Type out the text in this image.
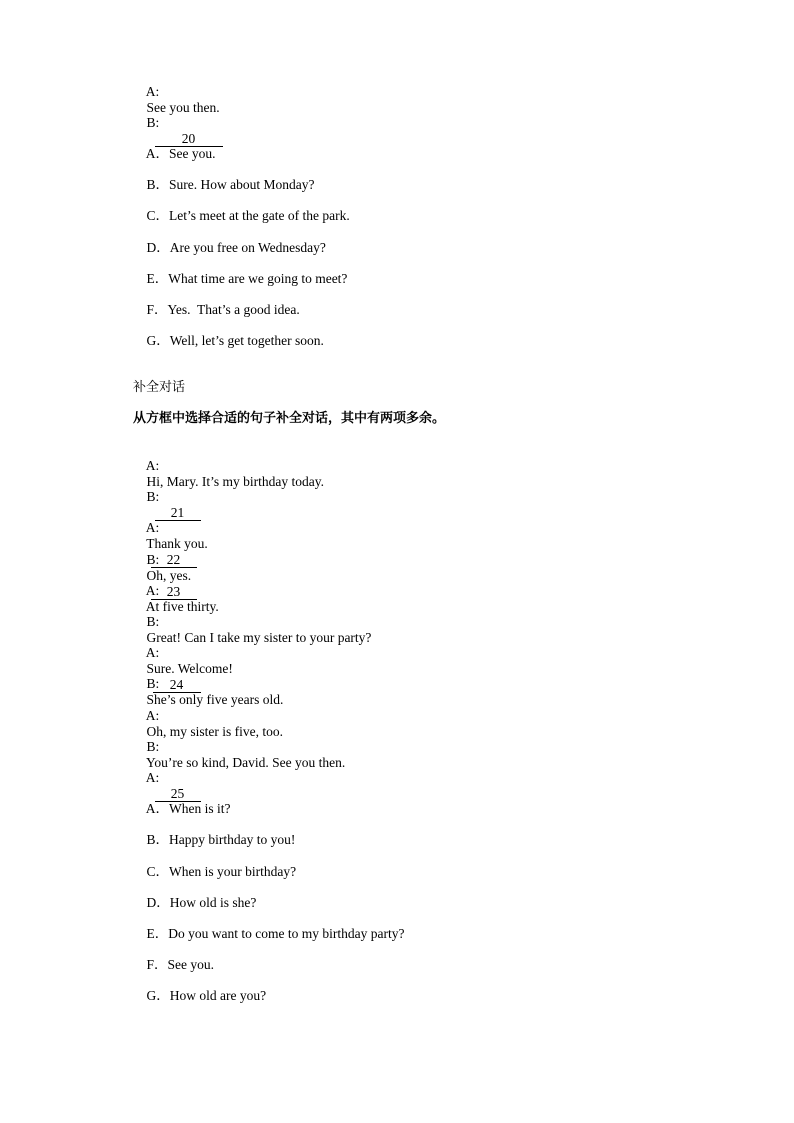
A:
See you then.

B:
20

A．See you.

B．Sure. How about Monday?

C．Let’s meet at the gate of the park.

D．Are you free on Wednesday?

E．What time are we going to meet?

F．Yes.  That’s a good idea.

G．Well, let’s get together soon.

补全对话
从方框中选择合适的句子补全对话，其中有两项多余。

A:
Hi, Mary. It’s my birthday today.

B:
21

A:
Thank you.
22

B:
Oh, yes.
23

A:
At five thirty.

B:
Great! Can I take my sister to your party?

A:
Sure. Welcome!
24

B:
She’s only five years old.

A:
Oh, my sister is five, too.

B:
You’re so kind, David. See you then.

A:
25

A．When is it?

B．Happy birthday to you!

C．When is your birthday?

D．How old is she?

E．Do you want to come to my birthday party?

F．See you.

G．How old are you?
